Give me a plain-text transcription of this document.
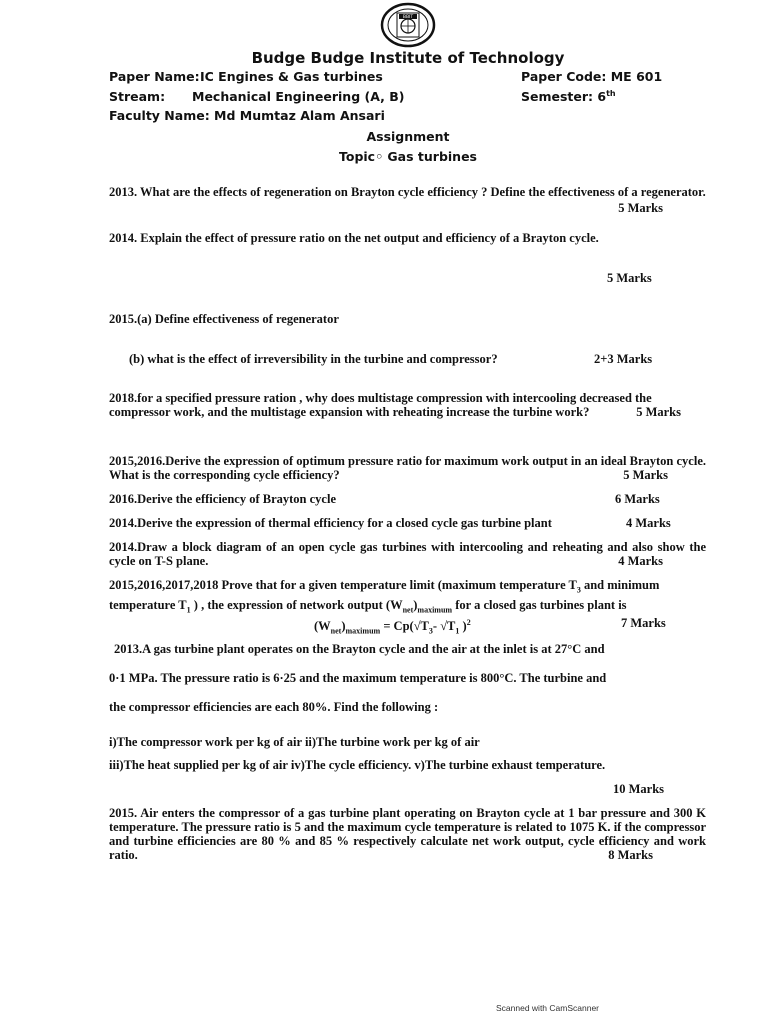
BBIT
Budge Budge Institute of Technology
Paper Name: IC Engines & Gas turbines	Paper Code: ME 601
Stream: Mechanical Engineering (A, B)	Semester: 6th
Faculty Name: Md Mumtaz Alam Ansari
Assignment
Topic◦ Gas turbines
2013. What are the effects of regeneration on Brayton cycle efficiency ? Define the effectiveness of a regenerator.
5 Marks
2014. Explain the effect of pressure ratio on the net output and efficiency of a Brayton cycle.
5 Marks
2015.(a) Define effectiveness of regenerator
(b) what is the effect of irreversibility in the turbine and compressor?	2+3 Marks
2018.for a specified pressure ration , why does multistage compression with intercooling decreased the compressor work, and the multistage expansion with reheating increase the turbine work?	5 Marks
2015,2016.Derive the expression of optimum pressure ratio for maximum work output in an ideal Brayton cycle. What is the corresponding cycle efficiency?	5 Marks
2016.Derive the efficiency of Brayton cycle	6 Marks
2014.Derive the expression of thermal efficiency for a closed cycle gas turbine plant	4 Marks
2014.Draw a block diagram of an open cycle gas turbines with intercooling and reheating and also show the cycle on T-S plane.	4 Marks
2015,2016,2017,2018 Prove that for a given temperature limit (maximum temperature $T_3$ and minimum
temperature $T_1$ ) , the expression of network output $(W_{net})_{maximum}$ for a closed gas turbines plant is
$(W_{net})_{maximum} = Cp(√T_3-$ $√T_1$ )$^2$	7 Marks
2013.A gas turbine plant operates on the Brayton cycle and the air at the inlet is at 27°C and
0·1 MPa. The pressure ratio is 6·25 and the maximum temperature is 800°C. The turbine and
the compressor efficiencies are each 80%. Find the following :
i)The compressor work per kg of air ii)The turbine work per kg of air
iii)The heat supplied per kg of air iv)The cycle efficiency. v)The turbine exhaust temperature.
10 Marks
2015. Air enters the compressor of a gas turbine plant operating on Brayton cycle at 1 bar pressure and 300 K temperature. The pressure ratio is 5 and the maximum cycle temperature is related to 1075 K. if the compressor and turbine efficiencies are 80 % and 85 % respectively calculate net work output, cycle efficiency and work ratio.	8 Marks
Scanned with CamScanner
